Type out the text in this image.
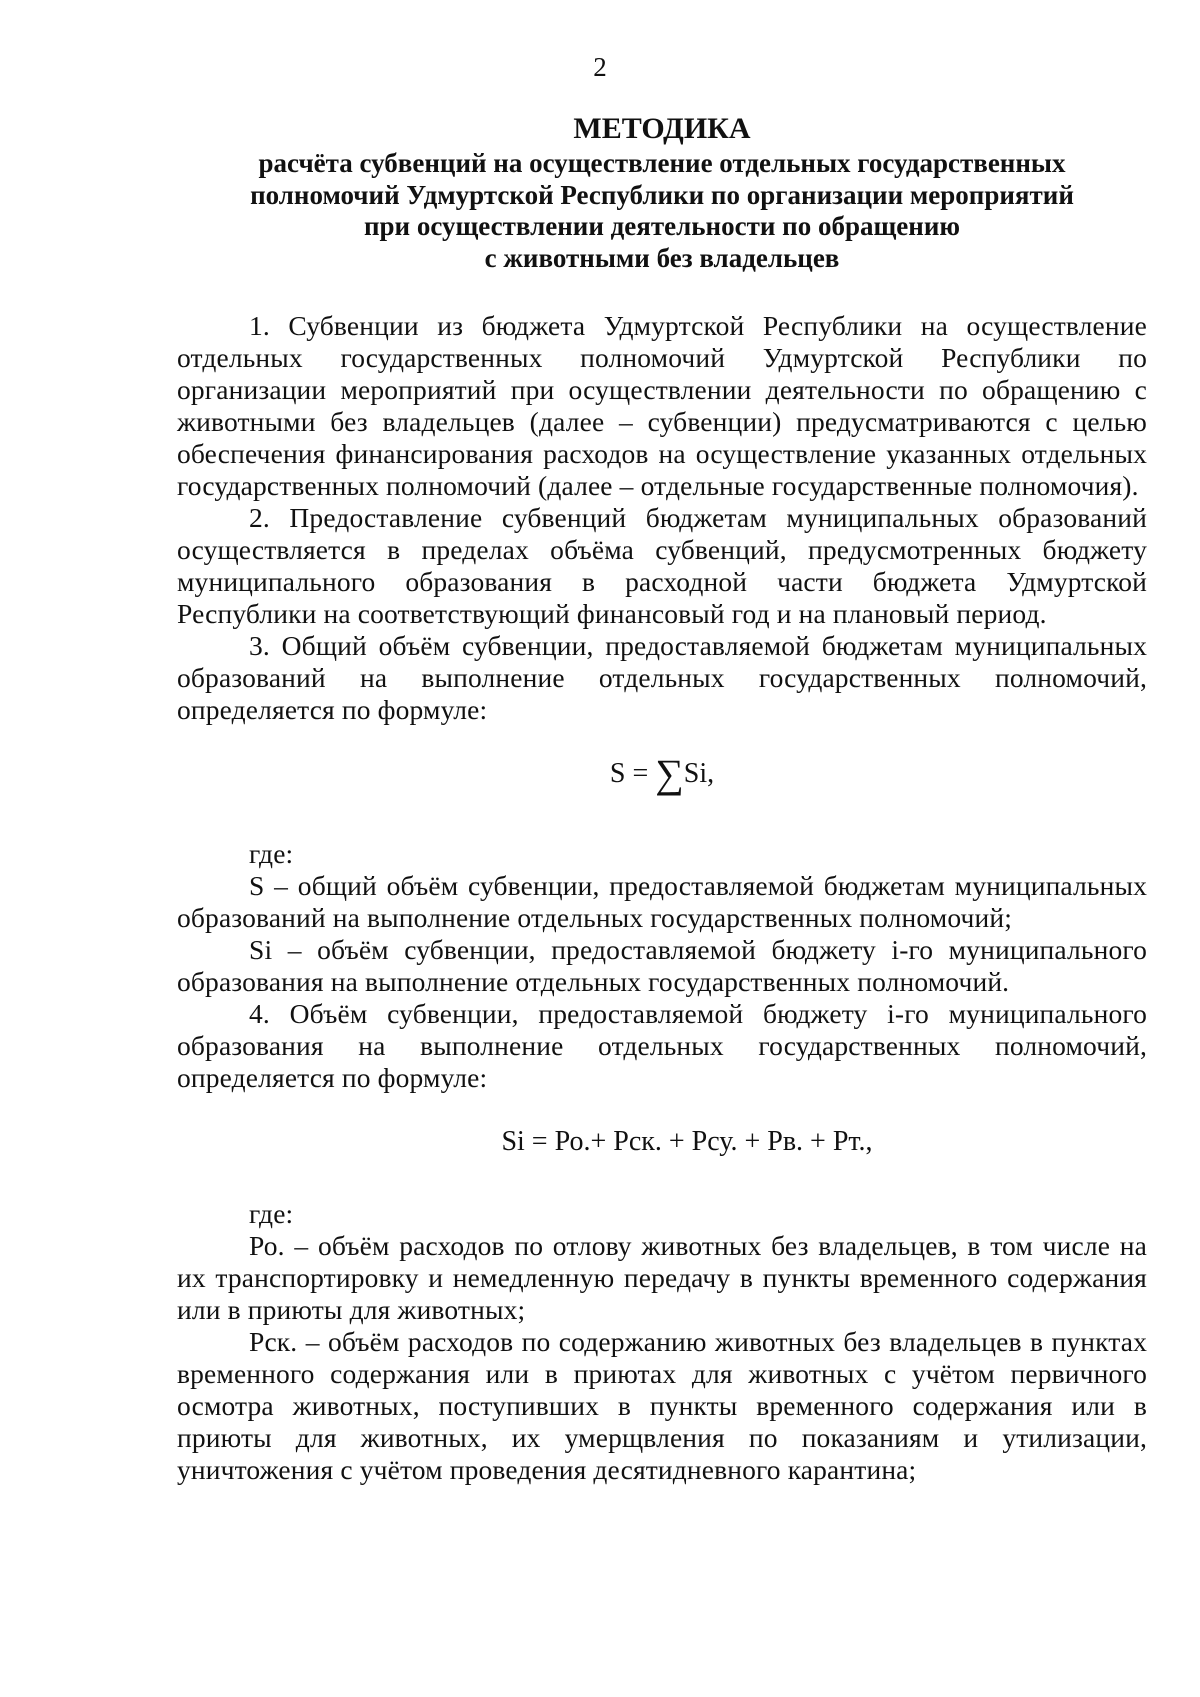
2
МЕТОДИКА
расчёта субвенций на осуществление отдельных государственных
полномочий Удмуртской Республики по организации мероприятий
при осуществлении деятельности по обращению
с животными без владельцев

1. Субвенции из бюджета Удмуртской Республики на осуществление отдельных государственных полномочий Удмуртской Республики по организации мероприятий при осуществлении деятельности по обращению с животными без владельцев (далее – субвенции) предусматриваются с целью обеспечения финансирования расходов на осуществление указанных отдельных государственных полномочий (далее – отдельные государственные полномочия).

2. Предоставление субвенций бюджетам муниципальных образований осуществляется в пределах объёма субвенций, предусмотренных бюджету муниципального образования в расходной части бюджета Удмуртской Республики на соответствующий финансовый год и на плановый период.

3. Общий объём субвенции, предоставляемой бюджетам муниципальных образований на выполнение отдельных государственных полномочий, определяется по формуле:

S = ∑Si,

где:

S – общий объём субвенции, предоставляемой бюджетам муниципальных образований на выполнение отдельных государственных полномочий;

Si – объём субвенции, предоставляемой бюджету i-го муниципального образования на выполнение отдельных государственных полномочий.

4. Объём субвенции, предоставляемой бюджету i-го муниципального образования на выполнение отдельных государственных полномочий, определяется по формуле:

Si = Ро.+ Рск. + Рсу. + Рв. + Рт.,

где:

Ро. – объём расходов по отлову животных без владельцев, в том числе на их транспортировку и немедленную передачу в пункты временного содержания или в приюты для животных;

Рск. – объём расходов по содержанию животных без владельцев в пунктах временного содержания или в приютах для животных с учётом первичного осмотра животных, поступивших в пункты временного содержания или в приюты для животных, их умерщвления по показаниям и утилизации, уничтожения с учётом проведения десятидневного карантина;
